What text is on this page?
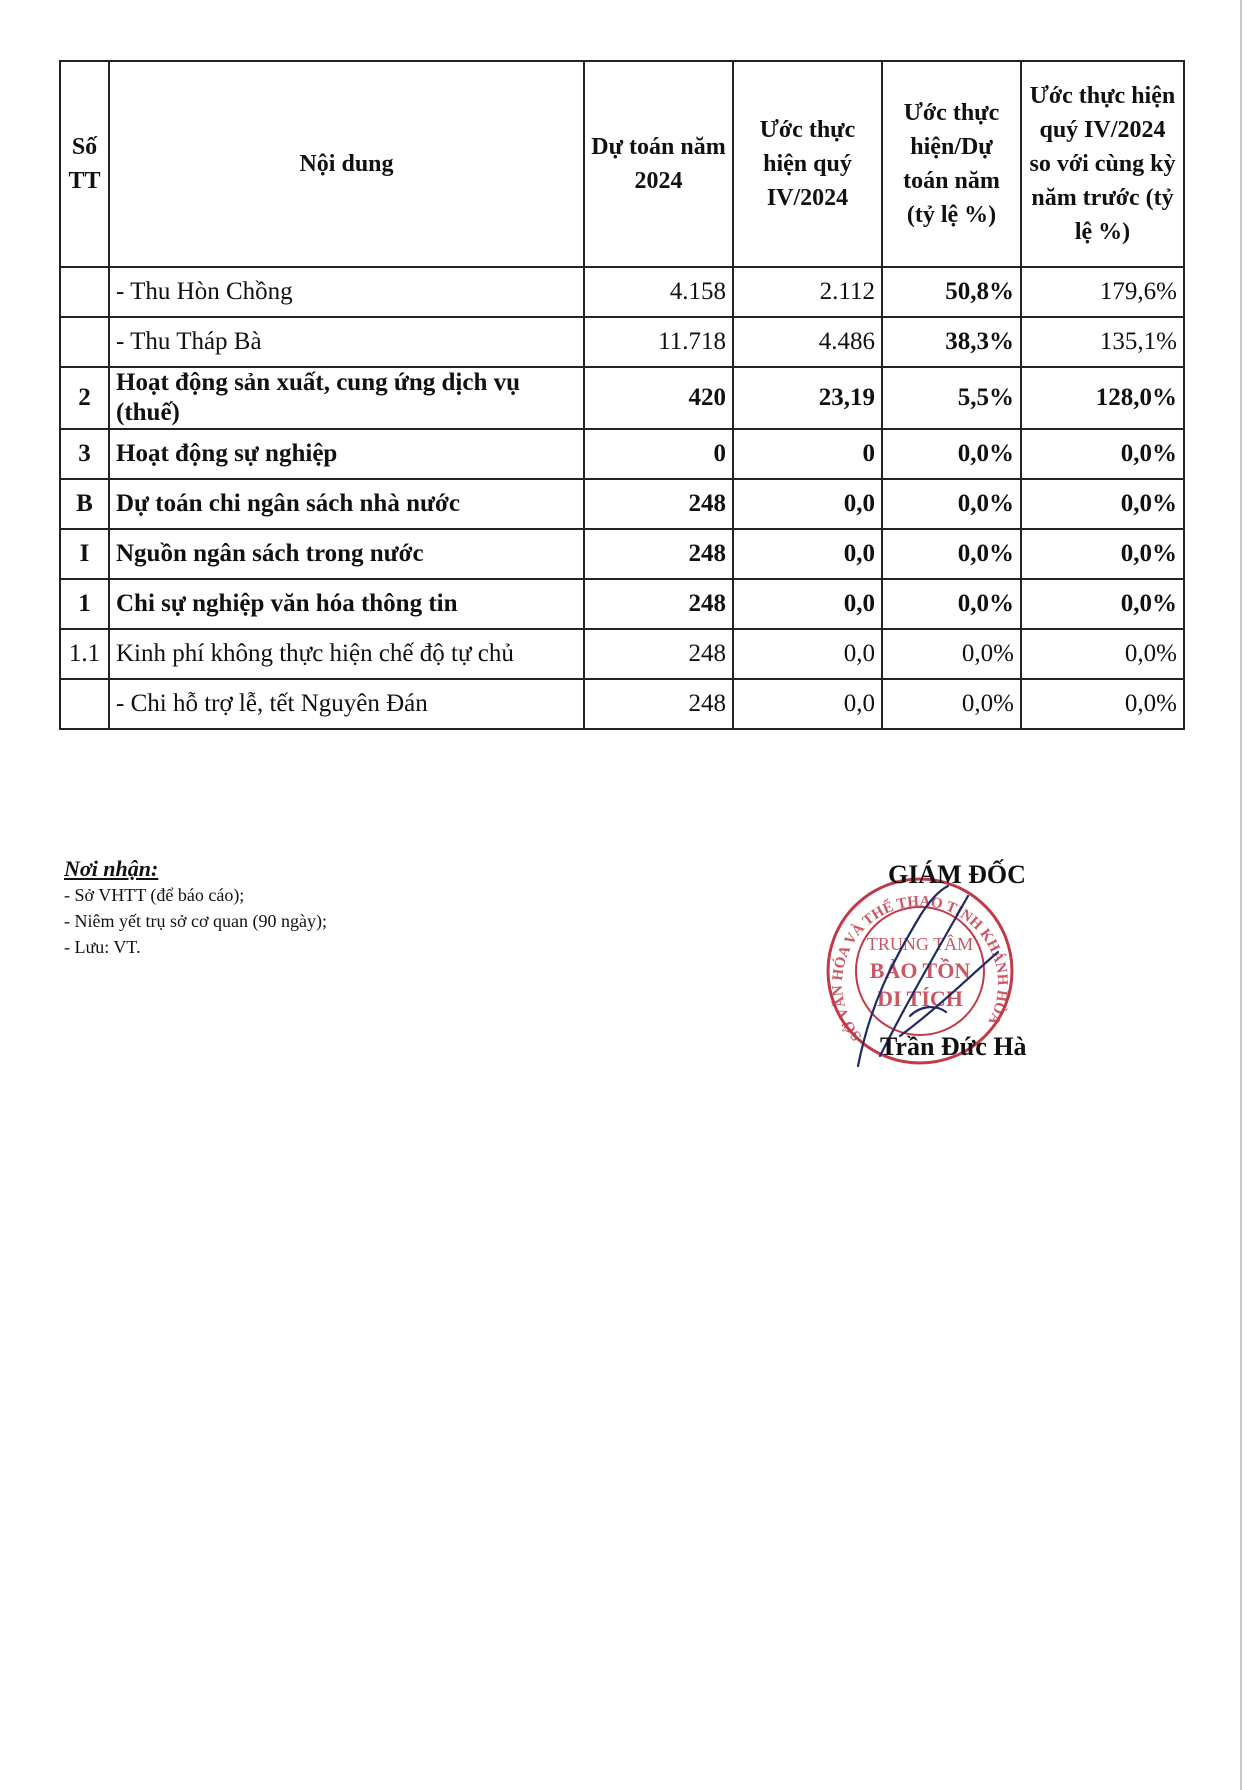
Số TT	Nội dung	Dự toán năm 2024	Ước thực hiện quý IV/2024	Ước thực hiện/Dự toán năm (tỷ lệ %)	Ước thực hiện quý IV/2024 so với cùng kỳ năm trước (tỷ lệ %)
	- Thu Hòn Chồng	4.158	2.112	50,8%	179,6%
	- Thu Tháp Bà	11.718	4.486	38,3%	135,1%
2	Hoạt động sản xuất, cung ứng dịch vụ (thuế)	420	23,19	5,5%	128,0%
3	Hoạt động sự nghiệp	0	0	0,0%	0,0%
B	Dự toán chi ngân sách nhà nước	248	0,0	0,0%	0,0%
I	Nguồn ngân sách trong nước	248	0,0	0,0%	0,0%
1	Chi sự nghiệp văn hóa thông tin	248	0,0	0,0%	0,0%
1.1	Kinh phí không thực hiện chế độ tự chủ	248	0,0	0,0%	0,0%
	- Chi hỗ trợ lễ, tết Nguyên Đán	248	0,0	0,0%	0,0%
Nơi nhận:
- Sở VHTT (để báo cáo);
- Niêm yết trụ sở cơ quan (90 ngày);
- Lưu: VT.
SỞ VĂN HÓA VÀ THỂ THAO TỈNH KHÁNH HÒA
TRUNG TÂM
BẢO TỒN
DI TÍCH
GIÁM ĐỐC
Trần Đức Hà
